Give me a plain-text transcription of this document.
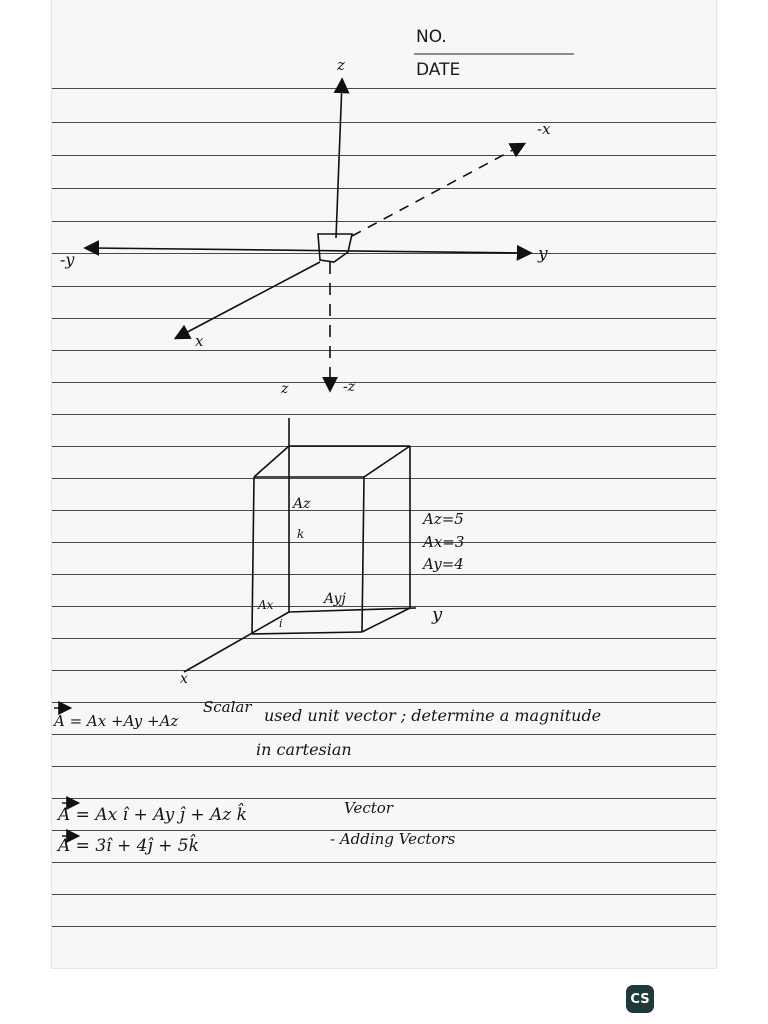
NO.
DATE
z
-x
-y	y
x
-z
z
y
x
Az
k
Ax
i
Ayj
Az=5
Ax=3
Ay=4
A = Ax +Ay +Az
Scalar used unit vector ; determine a magnitude
in cartesian
A = Ax î + Ay ĵ + Az k̂	Vector
A = 3î + 4ĵ + 5k̂	- Adding Vectors
CS
